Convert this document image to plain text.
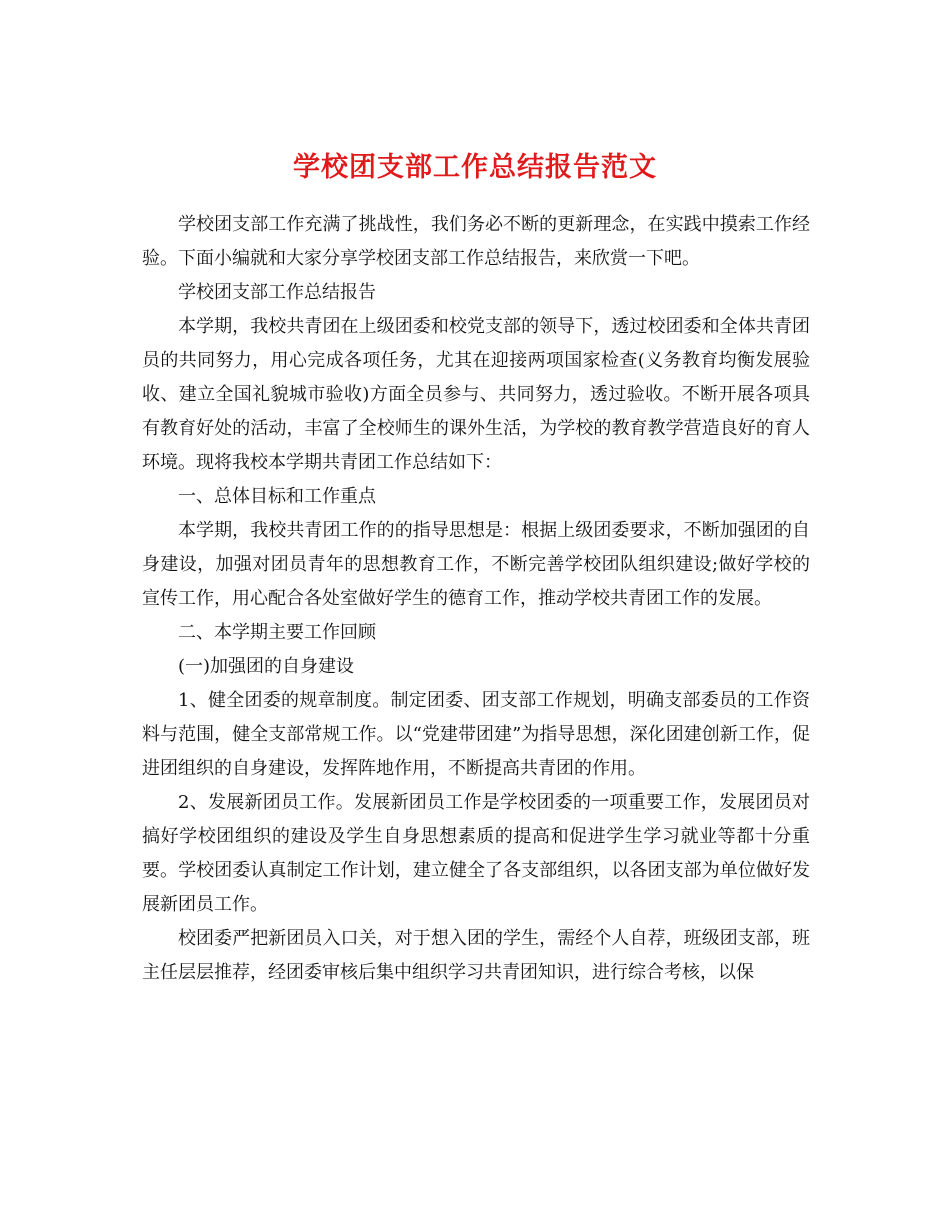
学校团支部工作总结报告范文

学校团支部工作充满了挑战性，我们务必不断的更新理念，在实践中摸索工作经验。下面小编就和大家分享学校团支部工作总结报告，来欣赏一下吧。

学校团支部工作总结报告

本学期，我校共青团在上级团委和校党支部的领导下，透过校团委和全体共青团员的共同努力，用心完成各项任务，尤其在迎接两项国家检查(义务教育均衡发展验收、建立全国礼貌城市验收)方面全员参与、共同努力，透过验收。不断开展各项具有教育好处的活动，丰富了全校师生的课外生活，为学校的教育教学营造良好的育人环境。现将我校本学期共青团工作总结如下：

一、总体目标和工作重点

本学期，我校共青团工作的的指导思想是：根据上级团委要求，不断加强团的自身建设，加强对团员青年的思想教育工作，不断完善学校团队组织建设;做好学校的宣传工作，用心配合各处室做好学生的德育工作，推动学校共青团工作的发展。

二、本学期主要工作回顾

(一)加强团的自身建设

1、健全团委的规章制度。制定团委、团支部工作规划，明确支部委员的工作资料与范围，健全支部常规工作。以“党建带团建”为指导思想，深化团建创新工作，促进团组织的自身建设，发挥阵地作用，不断提高共青团的作用。

2、发展新团员工作。发展新团员工作是学校团委的一项重要工作，发展团员对搞好学校团组织的建设及学生自身思想素质的提高和促进学生学习就业等都十分重要。学校团委认真制定工作计划，建立健全了各支部组织，以各团支部为单位做好发展新团员工作。

校团委严把新团员入口关，对于想入团的学生，需经个人自荐，班级团支部，班主任层层推荐，经团委审核后集中组织学习共青团知识，进行综合考核，以保
